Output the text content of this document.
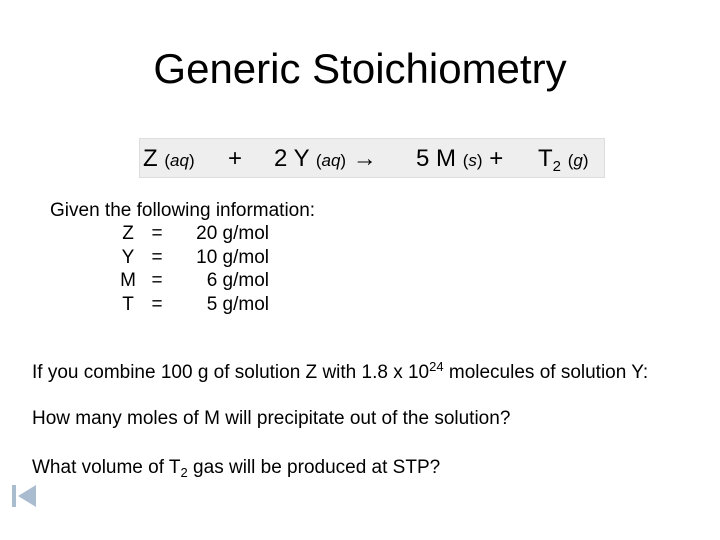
Generic Stoichiometry
Z (aq) + 2 Y (aq) → 5 M $(s) + T_2$ (g)
Given the following information:
Z =	20 g/mol
Y =	10 g/mol
M =	6 g/mol
T =	5 g/mol
If you combine 100 g of solution Z with 1.8 x $10^{24}$ molecules of solution Y:
How many moles of M will precipitate out of the solution?
What volume of $T_2$ gas will be produced at STP?
